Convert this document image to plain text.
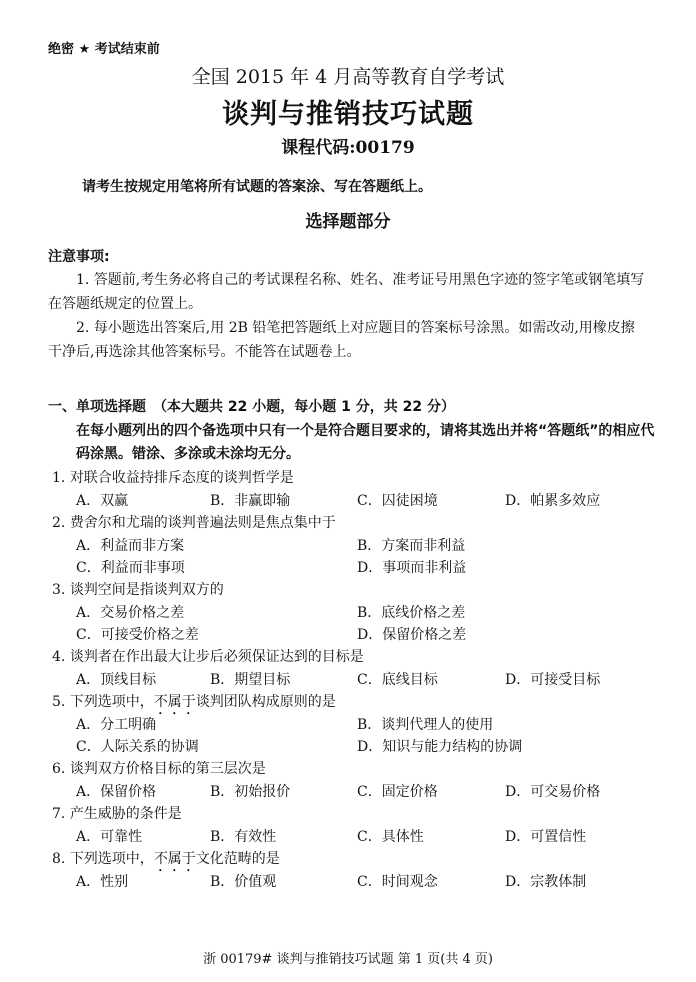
绝密 ★ 考试结束前
全国 2015 年 4 月高等教育自学考试
谈判与推销技巧试题
课程代码:00179
请考生按规定用笔将所有试题的答案涂、写在答题纸上。
选择题部分
注意事项:
1. 答题前,考生务必将自己的考试课程名称、姓名、准考证号用黑色字迹的签字笔或钢笔填写在答题纸规定的位置上。
2. 每小题选出答案后,用 2B 铅笔把答题纸上对应题目的答案标号涂黑。如需改动,用橡皮擦干净后,再选涂其他答案标号。不能答在试题卷上。
一、单项选择题　（本大题共 22 小题，每小题 1 分，共 22 分）
在每小题列出的四个备选项中只有一个是符合题目要求的，请将其选出并将“答题纸”的相应代码涂黑。错涂、多涂或未涂均无分。
1. 对联合收益持排斥态度的谈判哲学是
A．双赢	B．非赢即输	C．囚徒困境	D．帕累多效应
2. 费舍尔和尤瑞的谈判普遍法则是焦点集中于
A．利益而非方案	B．方案而非利益
C．利益而非事项	D．事项而非利益
3. 谈判空间是指谈判双方的
A．交易价格之差	B．底线价格之差
C．可接受价格之差	D．保留价格之差
4. 谈判者在作出最大让步后必须保证达到的目标是
A．顶线目标	B．期望目标	C．底线目标	D．可接受目标
5. 下列选项中，不属于谈判团队构成原则的是
A．分工明确	B．谈判代理人的使用
C．人际关系的协调	D．知识与能力结构的协调
6. 谈判双方价格目标的第三层次是
A．保留价格	B．初始报价	C．固定价格	D．可交易价格
7. 产生威胁的条件是
A．可靠性	B．有效性	C．具体性	D．可置信性
8. 下列选项中，不属于文化范畴的是
A．性别	B．价值观	C．时间观念	D．宗教体制
浙 00179# 谈判与推销技巧试题 第 1 页(共 4 页)
